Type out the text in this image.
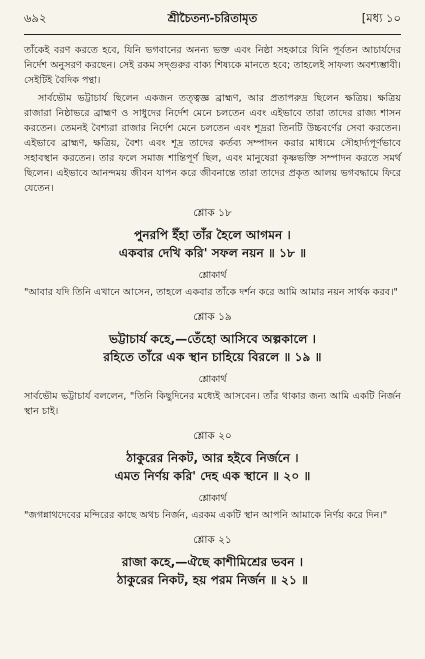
৬৯২	শ্রীচৈতন্য-চরিতামৃত	[মধ্য ১০

তাঁকেই বরণ করতে হবে, যিনি ভগবানের অনন্য ভক্ত এবং নিষ্ঠা সহকারে যিনি পূর্বতন আচার্যদের নির্দেশ অনুসরণ করছেন। সেই রকম সদ্গুরুর বাক্য শিষ্যকে মানতে হবে; তাহলেই সাফল্য অবশ্যম্ভাবী। সেইটিই বৈদিক পন্থা।

সার্বভৌম ভট্টাচার্য ছিলেন একজন তত্ত্বজ্ঞ ব্রাহ্মণ, আর প্রতাপরুদ্র ছিলেন ক্ষত্রিয়। ক্ষত্রিয় রাজারা নিষ্ঠাভরে ব্রাহ্মণ ও সাধুদের নির্দেশ মেনে চলতেন এবং এইভাবে তারা তাদের রাজ্য শাসন করতেন। তেমনই বৈশ্যরা রাজার নির্দেশ মেনে চলতেন এবং শূদ্ররা তিনটি উচ্চবর্ণের সেবা করতেন। এইভাবে ব্রাহ্মণ, ক্ষত্রিয়, বৈশ্য এবং শূদ্র তাদের কর্তব্য সম্পাদন করার মাধ্যমে সৌহার্দ্যপূর্ণভাবে সহাবস্থান করতেন। তার ফলে সমাজ শান্তিপূর্ণ ছিল, এবং মানুষেরা কৃষ্ণভক্তি সম্পাদন করতে সমর্থ ছিলেন। এইভাবে আনন্দময় জীবন যাপন করে জীবনান্তে তারা তাদের প্রকৃত আলয় ভগবদ্ধামে ফিরে যেতেন।

শ্লোক ১৮

পুনরপি ইঁহা তাঁর হৈলে আগমন ।

একবার দেখি করি' সফল নয়ন ॥ ১৮ ॥

শ্লোকার্থ

"আবার যদি তিনি এখানে আসেন, তাহলে একবার তাঁকে দর্শন করে আমি আমার নয়ন সার্থক করব।"

শ্লোক ১৯

ভট্টাচার্য কহে,—তেঁহো আসিবে অল্পকালে ।

রহিতে তাঁরে এক স্থান চাহিয়ে বিরলে ॥ ১৯ ॥

শ্লোকার্থ

সার্বভৌম ভট্টাচার্য বললেন, "তিনি কিছুদিনের মধ্যেই আসবেন। তাঁর থাকার জন্য আমি একটি নির্জন স্থান চাই।

শ্লোক ২০

ঠাকুরের নিকট, আর হইবে নির্জনে ।

এমত নির্ণয় করি' দেহ এক স্থানে ॥ ২০ ॥

শ্লোকার্থ

"জগন্নাথদেবের মন্দিরের কাছে অথচ নির্জন, এরকম একটি স্থান আপনি আমাকে নির্ণয় করে দিন।"

শ্লোক ২১

রাজা কহে,—ঐছে কাশীমিশ্রের ভবন ।

ঠাকুরের নিকট, হয় পরম নির্জন ॥ ২১ ॥
